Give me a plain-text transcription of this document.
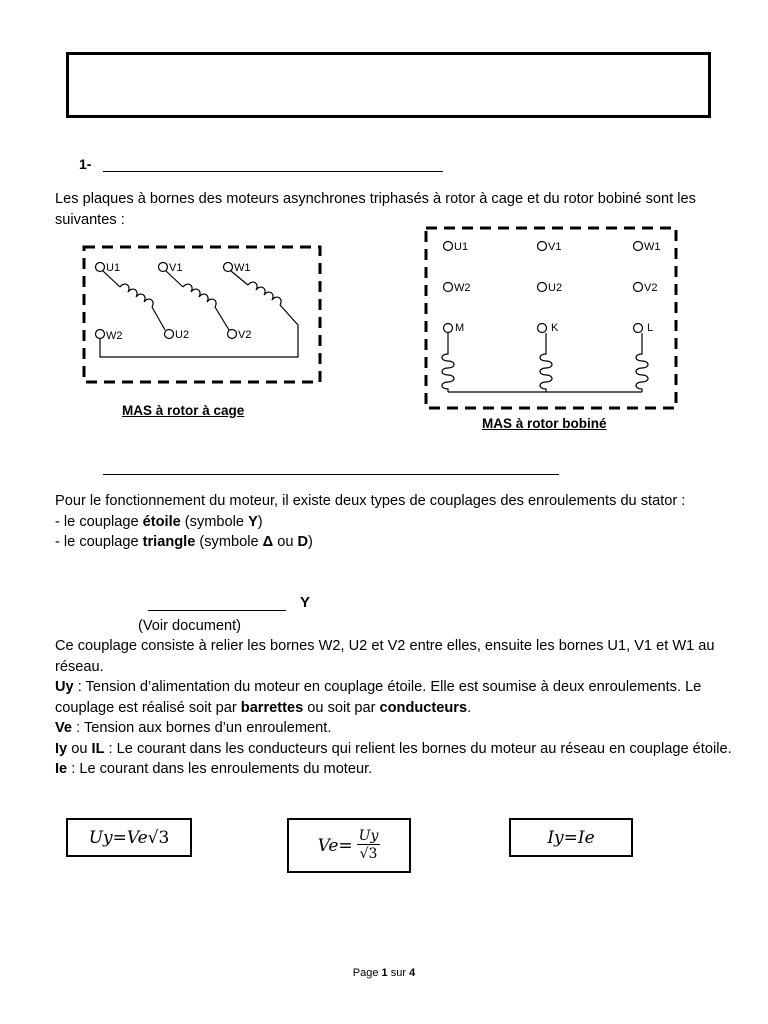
1-
Les plaques à bornes des moteurs asynchrones triphasés à rotor à cage et du rotor bobiné sont les suivantes :
U1	V1	W1
W2	U2	V2
MAS à rotor à cage
U1	V1	W1
W2	U2	V2
M	K	L
MAS à rotor bobiné
Pour le fonctionnement du moteur, il existe deux types de couplages des enroulements du stator :
- le couplage étoile (symbole Y)
- le couplage triangle (symbole Δ ou D)
Y
(Voir document)
Ce couplage consiste à relier les bornes W2, U2 et V2 entre elles, ensuite les bornes U1, V1 et W1 au réseau.
Uy : Tension d’alimentation du moteur en couplage étoile. Elle est soumise à deux enroulements. Le couplage est réalisé soit par barrettes ou soit par conducteurs.
Ve : Tension aux bornes d’un enroulement.
Iy ou IL : Le courant dans les conducteurs qui relient les bornes du moteur au réseau en couplage étoile.
Ie : Le courant dans les enroulements du moteur.
Uy = Ve √3	$Ve = \frac{Uy}{√3}$	Iy = Ie
Page 1 sur 4
